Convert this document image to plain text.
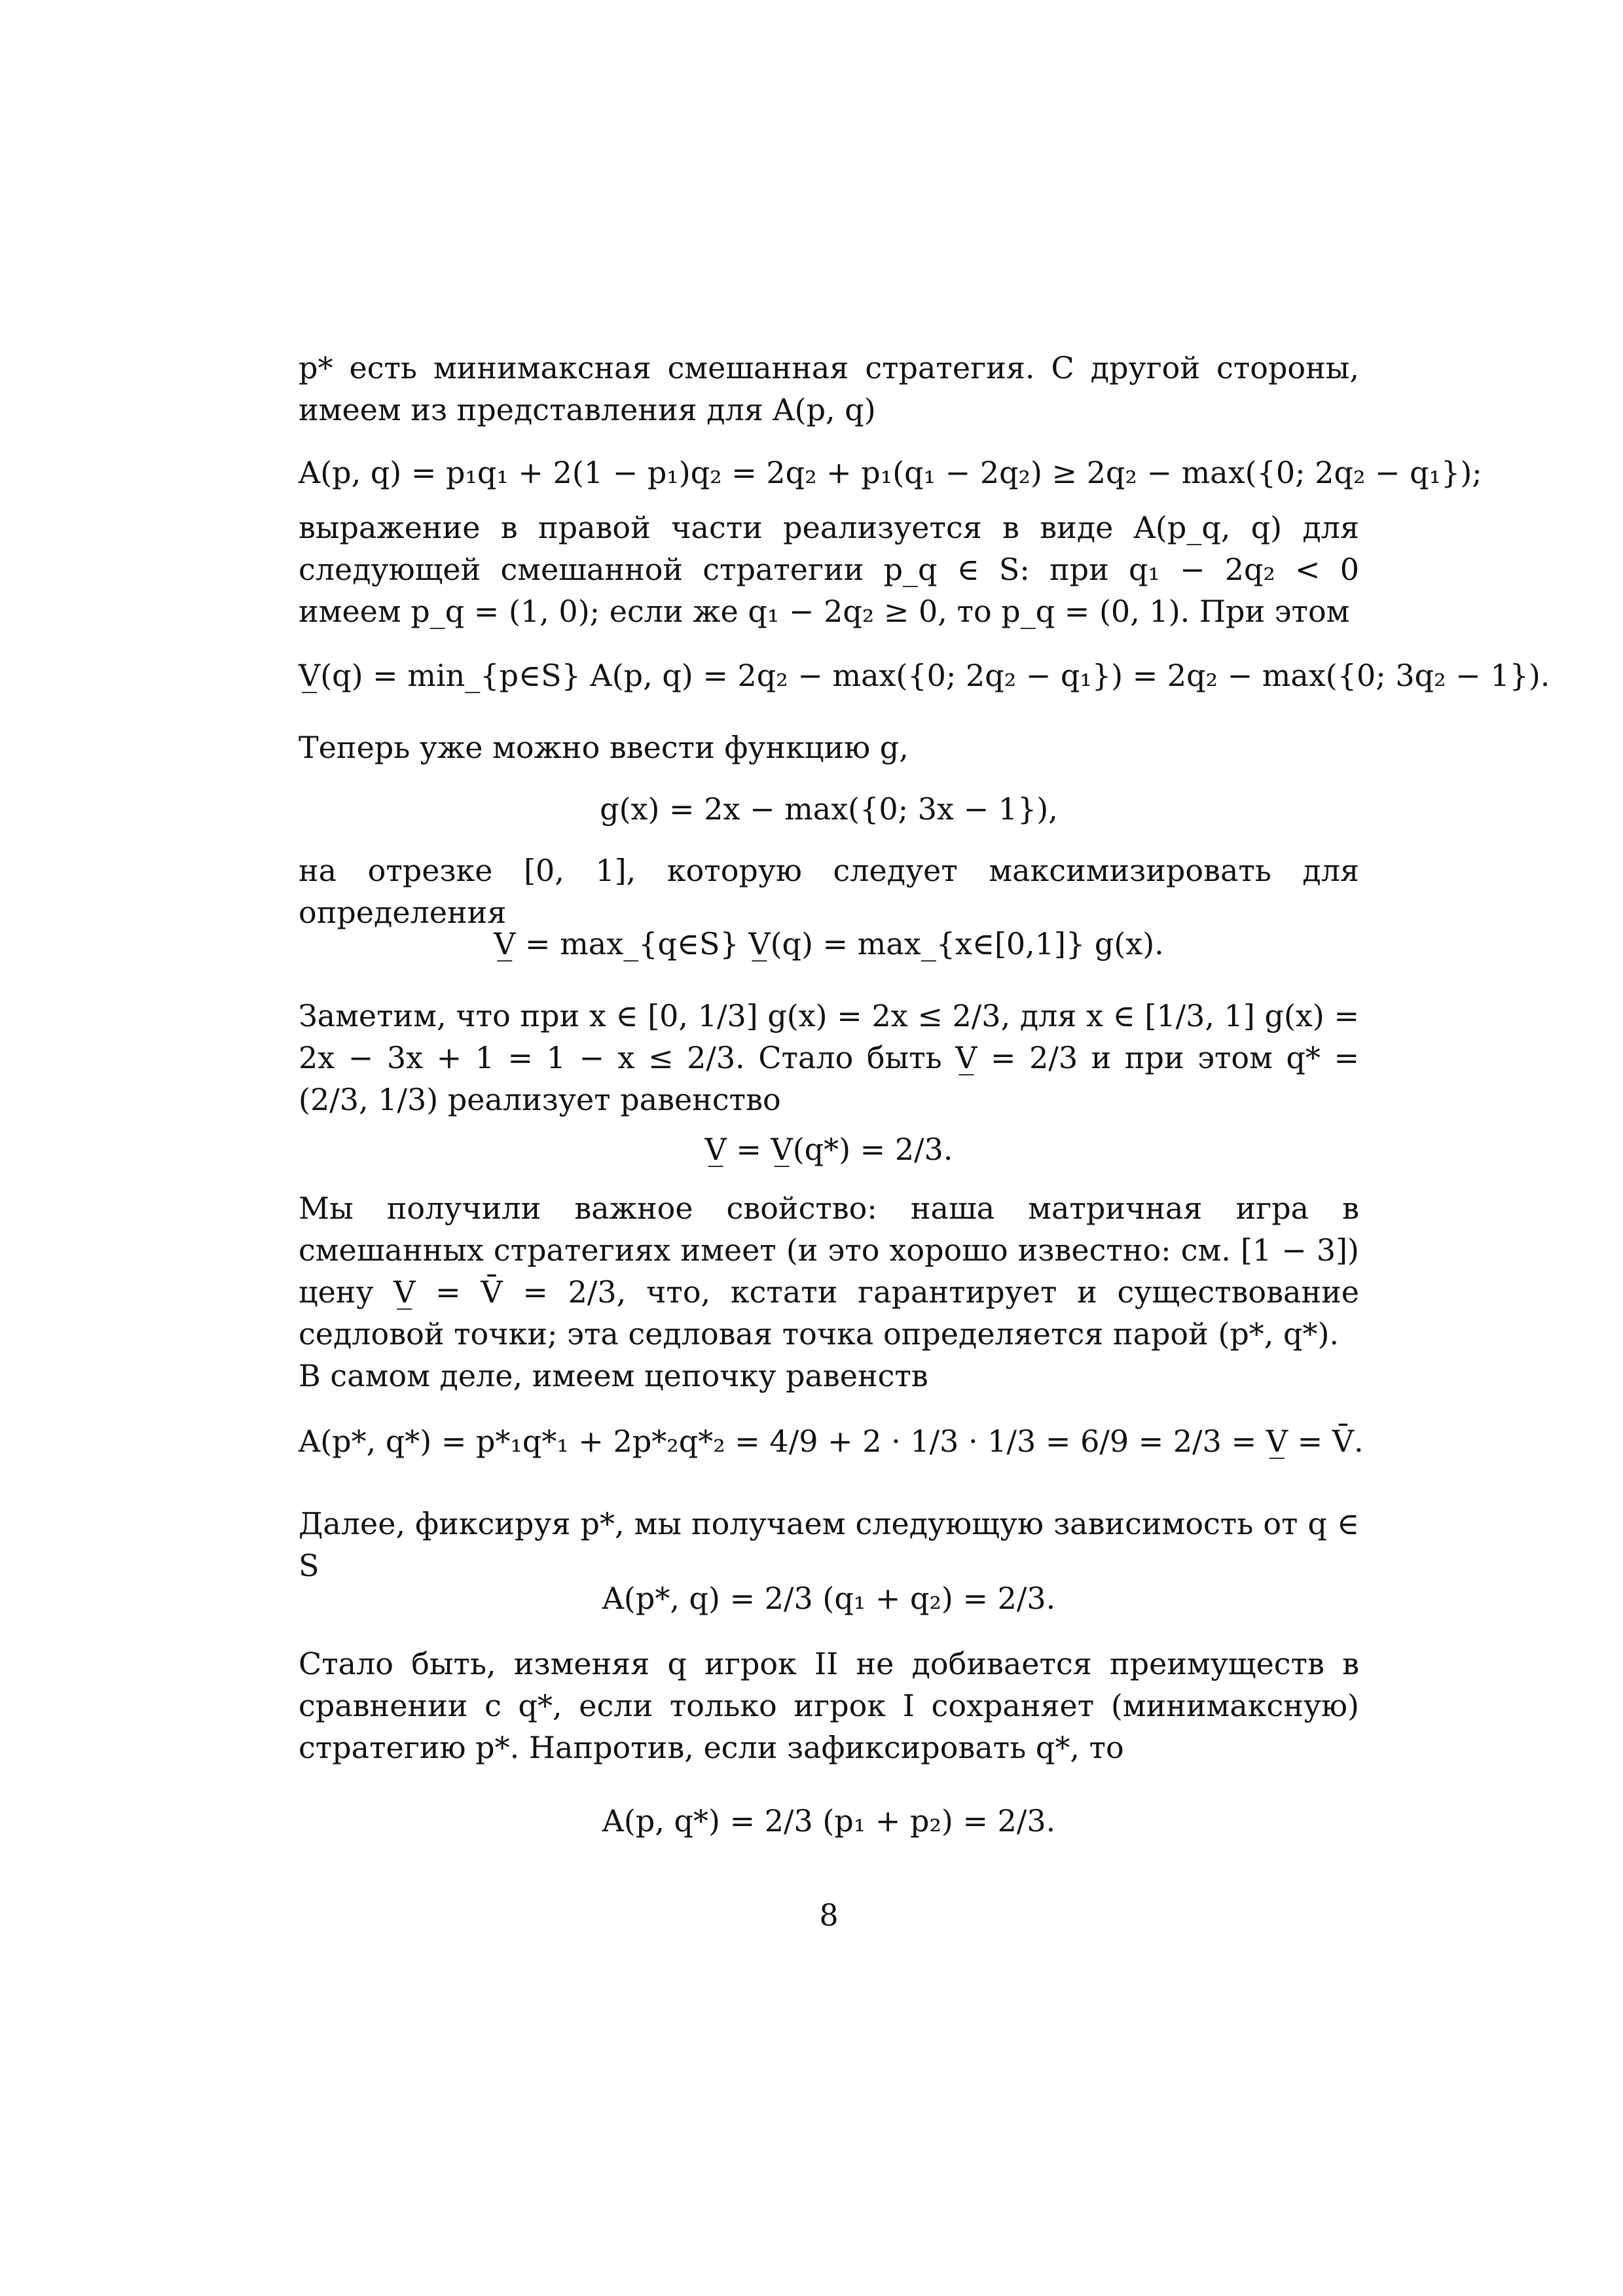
p* есть минимаксная смешанная стратегия. С другой стороны, имеем из представления для A(p, q)

A(p, q) = p₁q₁ + 2(1 − p₁)q₂ = 2q₂ + p₁(q₁ − 2q₂) ≥ 2q₂ − max({0; 2q₂ − q₁});

выражение в правой части реализуется в виде A(p_q, q) для следующей смешанной стратегии p_q ∈ S: при q₁ − 2q₂ < 0 имеем p_q = (1, 0); если же q₁ − 2q₂ ≥ 0, то p_q = (0, 1). При этом

V̲(q) = min_{p∈S} A(p, q) = 2q₂ − max({0; 2q₂ − q₁}) = 2q₂ − max({0; 3q₂ − 1}).

Теперь уже можно ввести функцию g,

g(x) = 2x − max({0; 3x − 1}),

на отрезке [0, 1], которую следует максимизировать для определения

V̲ = max_{q∈S} V̲(q) = max_{x∈[0,1]} g(x).

Заметим, что при x ∈ [0, 1/3] g(x) = 2x ≤ 2/3, для x ∈ [1/3, 1] g(x) = 2x − 3x + 1 = 1 − x ≤ 2/3. Стало быть V̲ = 2/3 и при этом q* = (2/3, 1/3) реализует равенство

V̲ = V̲(q*) = 2/3.

Мы получили важное свойство: наша матричная игра в смешанных стратегиях имеет (и это хорошо известно: см. [1 − 3]) цену V̲ = V̄ = 2/3, что, кстати гарантирует и существование седловой точки; эта седловая точка определяется парой (p*, q*).

В самом деле, имеем цепочку равенств

A(p*, q*) = p*₁q*₁ + 2p*₂q*₂ = 4/9 + 2 · 1/3 · 1/3 = 6/9 = 2/3 = V̲ = V̄.

Далее, фиксируя p*, мы получаем следующую зависимость от q ∈ S

A(p*, q) = 2/3 (q₁ + q₂) = 2/3.

Стало быть, изменяя q игрок II не добивается преимуществ в сравнении с q*, если только игрок I сохраняет (минимаксную) стратегию p*. Напротив, если зафиксировать q*, то

A(p, q*) = 2/3 (p₁ + p₂) = 2/3.
8
